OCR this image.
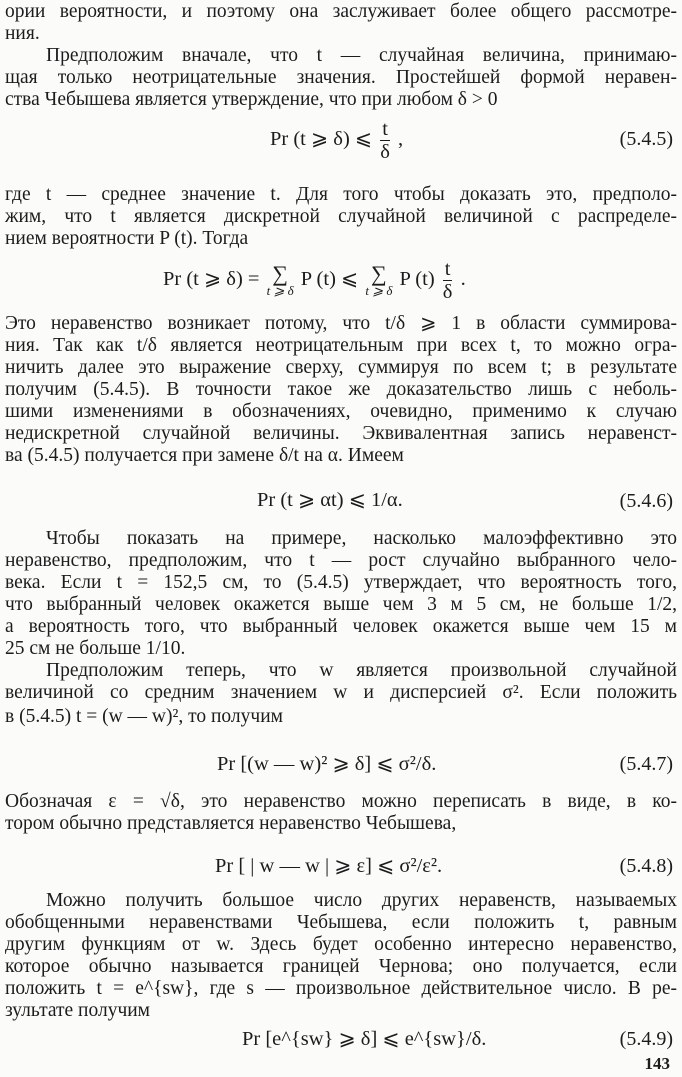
ории вероятности, и поэтому она заслуживает более общего рассмотре-
ния.
Предположим вначале, что t — случайная величина, принимаю-
щая только неотрицательные значения. Простейшей формой неравен-
ства Чебышева является утверждение, что при любом δ > 0
Pr (t ⩾ δ) ⩽ $\frac{t}{\delta}$ ,	(5.4.5)
где t — среднее значение t. Для того чтобы доказать это, предполо-
жим, что t является дискретной случайной величиной с распределе-
нием вероятности P (t). Тогда
Pr (t ⩾ δ) = ∑
t ⩾ δ P (t) ⩽ ∑
t ⩾ δ P $(t) \frac{t}{\delta}$ .
Это неравенство возникает потому, что t/δ ⩾ 1 в области суммирова-
ния. Так как t/δ является неотрицательным при всех t, то можно огра-
ничить далее это выражение сверху, суммируя по всем t; в результате
получим (5.4.5). В точности такое же доказательство лишь с неболь-
шими изменениями в обозначениях, очевидно, применимо к случаю
недискретной случайной величины. Эквивалентная запись неравенст-
ва (5.4.5) получается при замене δ/t на α. Имеем
Pr (t ⩾ αt) ⩽ 1/α.	(5.4.6)
Чтобы показать на примере, насколько малоэффективно это
неравенство, предположим, что t — рост случайно выбранного чело-
века. Если t = 152,5 см, то (5.4.5) утверждает, что вероятность того,
что выбранный человек окажется выше чем 3 м 5 см, не больше 1/2,
а вероятность того, что выбранный человек окажется выше чем 15 м
25 см не больше 1/10.
Предположим теперь, что w является произвольной случайной
величиной со средним значением w и дисперсией σ². Если положить
в (5.4.5) t = (w — w)², то получим
Pr [(w — w)² ⩾ δ] ⩽ σ²/δ.	(5.4.7)
Обозначая ε = √δ, это неравенство можно переписать в виде, в ко-
тором обычно представляется неравенство Чебышева,
Pr [ | w — w | ⩾ ε] ⩽ σ²/ε².	(5.4.8)
Можно получить большое число других неравенств, называемых
обобщенными неравенствами Чебышева, если положить t, равным
другим функциям от w. Здесь будет особенно интересно неравенство,
которое обычно называется границей Чернова; оно получается, если
положить t = e^{sw}, где s — произвольное действительное число. В ре-
зультате получим
Pr [e^{sw} ⩾ δ] ⩽ e^{sw}/δ.	(5.4.9)
143
